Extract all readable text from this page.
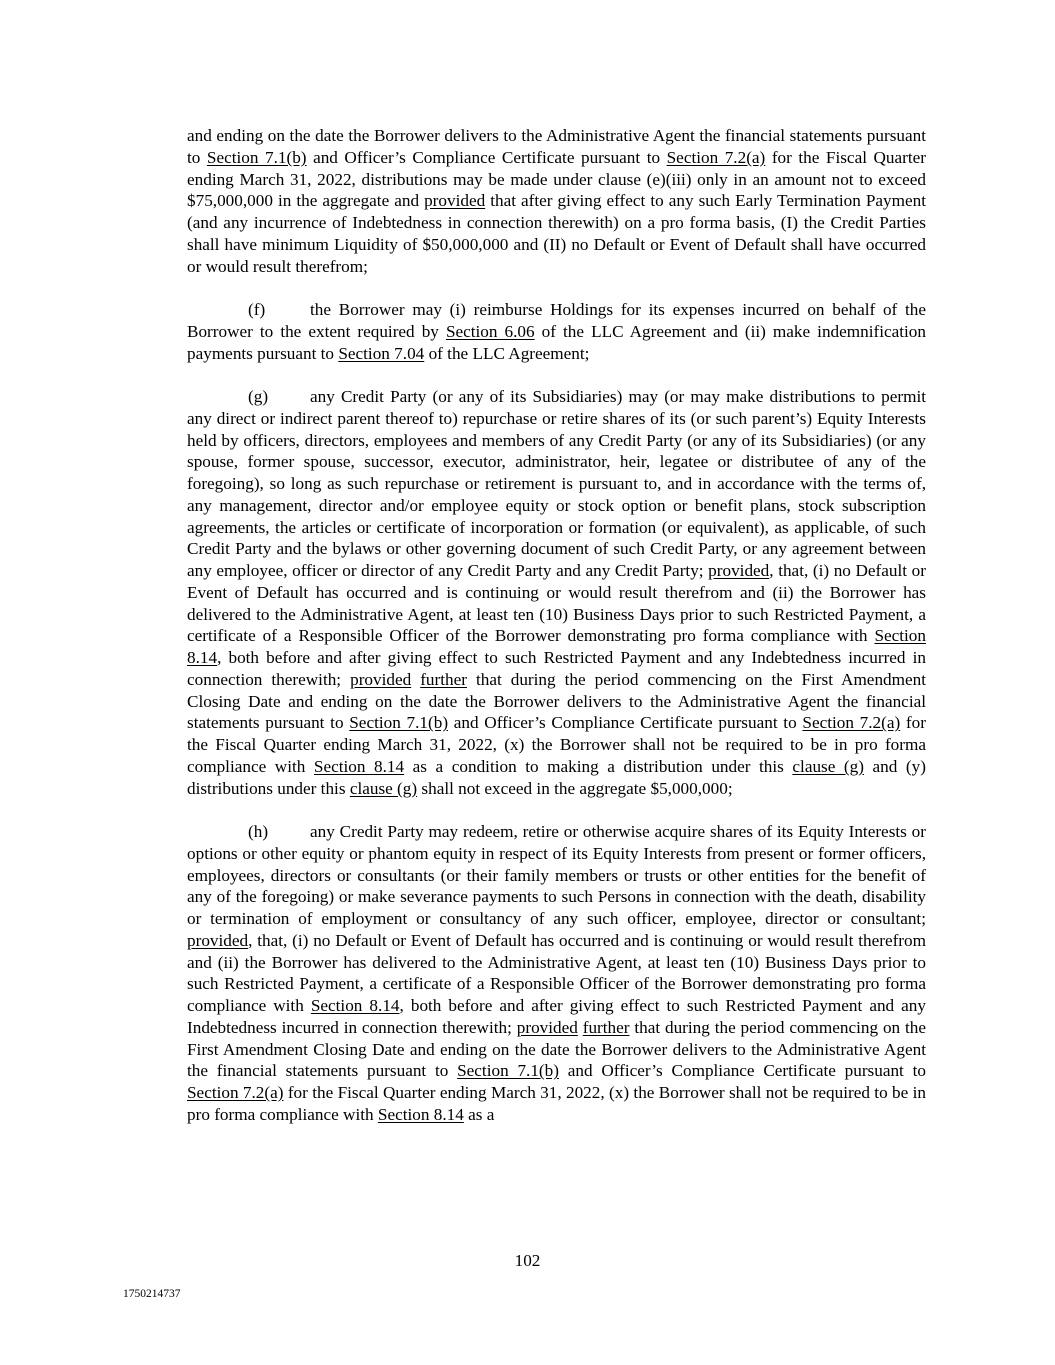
and ending on the date the Borrower delivers to the Administrative Agent the financial statements pursuant to Section 7.1(b) and Officer’s Compliance Certificate pursuant to Section 7.2(a) for the Fiscal Quarter ending March 31, 2022, distributions may be made under clause (e)(iii) only in an amount not to exceed $75,000,000 in the aggregate and provided that after giving effect to any such Early Termination Payment (and any incurrence of Indebtedness in connection therewith) on a pro forma basis, (I) the Credit Parties shall have minimum Liquidity of $50,000,000 and (II) no Default or Event of Default shall have occurred or would result therefrom;

(f)	the Borrower may (i) reimburse Holdings for its expenses incurred on behalf of the Borrower to the extent required by Section 6.06 of the LLC Agreement and (ii) make indemnification payments pursuant to Section 7.04 of the LLC Agreement;

(g) any Credit Party (or any of its Subsidiaries) may (or may make distributions to permit any direct or indirect parent thereof to) repurchase or retire shares of its (or such parent’s) Equity Interests held by officers, directors, employees and members of any Credit Party (or any of its Subsidiaries) (or any spouse, former spouse, successor, executor, administrator, heir, legatee or distributee of any of the foregoing), so long as such repurchase or retirement is pursuant to, and in accordance with the terms of, any management, director and/or employee equity or stock option or benefit plans, stock subscription agreements, the articles or certificate of incorporation or formation (or equivalent), as applicable, of such Credit Party and the bylaws or other governing document of such Credit Party, or any agreement between any employee, officer or director of any Credit Party and any Credit Party; provided, that, (i) no Default or Event of Default has occurred and is continuing or would result therefrom and (ii) the Borrower has delivered to the Administrative Agent, at least ten (10) Business Days prior to such Restricted Payment, a certificate of a Responsible Officer of the Borrower demonstrating pro forma compliance with Section 8.14, both before and after giving effect to such Restricted Payment and any Indebtedness incurred in connection therewith; provided further that during the period commencing on the First Amendment Closing Date and ending on the date the Borrower delivers to the Administrative Agent the financial statements pursuant to Section 7.1(b) and Officer’s Compliance Certificate pursuant to Section 7.2(a) for the Fiscal Quarter ending March 31, 2022, (x) the Borrower shall not be required to be in pro forma compliance with Section 8.14 as a condition to making a distribution under this clause (g) and (y) distributions under this clause (g) shall not exceed in the aggregate $5,000,000;

(h) any Credit Party may redeem, retire or otherwise acquire shares of its Equity Interests or options or other equity or phantom equity in respect of its Equity Interests from present or former officers, employees, directors or consultants (or their family members or trusts or other entities for the benefit of any of the foregoing) or make severance payments to such Persons in connection with the death, disability or termination of employment or consultancy of any such officer, employee, director or consultant; provided, that, (i) no Default or Event of Default has occurred and is continuing or would result therefrom and (ii) the Borrower has delivered to the Administrative Agent, at least ten (10) Business Days prior to such Restricted Payment, a certificate of a Responsible Officer of the Borrower demonstrating pro forma compliance with Section 8.14, both before and after giving effect to such Restricted Payment and any Indebtedness incurred in connection therewith; provided further that during the period commencing on the First Amendment Closing Date and ending on the date the Borrower delivers to the Administrative Agent the financial statements pursuant to Section 7.1(b) and Officer’s Compliance Certificate pursuant to Section 7.2(a) for the Fiscal Quarter ending March 31, 2022, (x) the Borrower shall not be required to be in pro forma compliance with Section 8.14 as a

102
1750214737
